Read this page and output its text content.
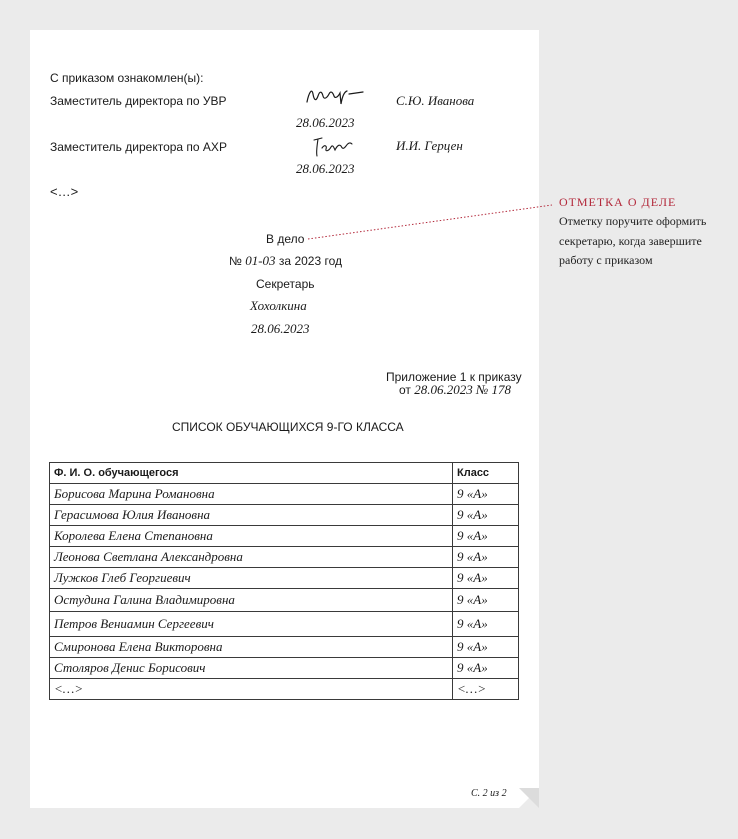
С приказом ознакомлен(ы):
Заместитель директора по УВР
28.06.2023
С.Ю. Иванова
Заместитель директора по АХР
28.06.2023
И.И. Герцен
<…>
В дело
№ 01-03 за 2023 год
Секретарь
Хохолкина
28.06.2023
Приложение 1 к приказу
от 28.06.2023 № 178
СПИСОК ОБУЧАЮЩИХСЯ 9-ГО КЛАССА
Ф. И. О. обучающегося	Класс
Борисова Марина Романовна	9 «А»
Герасимова Юлия Ивановна	9 «А»
Королева Елена Степановна	9 «А»
Леонова Светлана Александровна	9 «А»
Лужков Глеб Георгиевич	9 «А»
Остудина Галина Владимировна	9 «А»
Петров Вениамин Сергеевич	9 «А»
Смиронова Елена Викторовна	9 «А»
Столяров Денис Борисович	9 «А»
<…>	<…>
С. 2 из 2
ОТМЕТКА О ДЕЛЕ
Отметку поручите оформить секретарю, когда завершите работу с приказом
